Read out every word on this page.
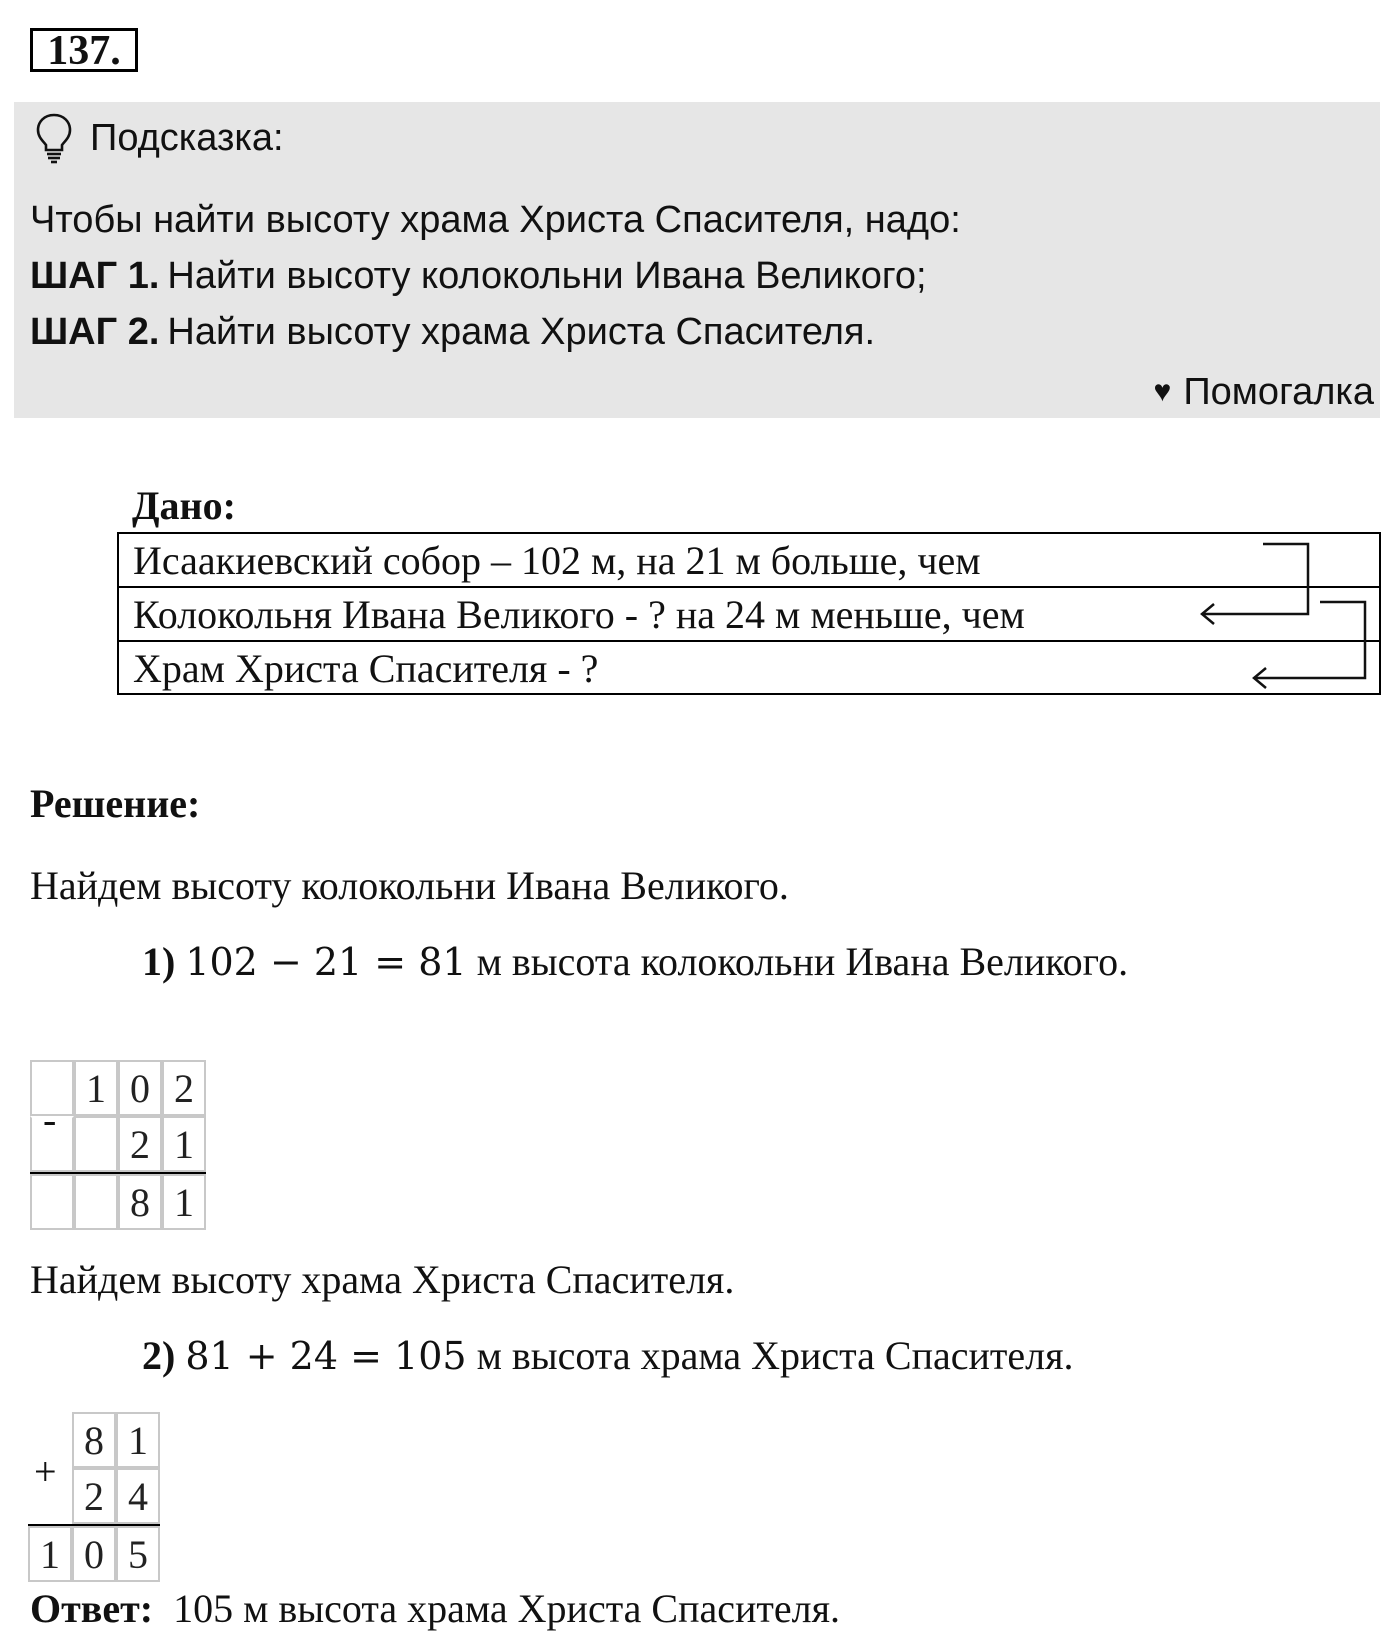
137.
Подсказка:
Чтобы найти высоту храма Христа Спасителя, надо:
ШАГ 1. Найти высоту колокольни Ивана Великого;
ШАГ 2. Найти высоту храма Христа Спасителя.
♥ Помогалка
Дано:
Исаакиевский собор – 102 м, на 21 м больше, чем
Колокольня Ивана Великого - ? на 24 м меньше, чем
Храм Христа Спасителя - ?
Решение:
Найдем высоту колокольни Ивана Великого.
1) 102 − 21 = 81 м высота колокольни Ивана Великого.
-
1 0 2
2 1
8 1
Найдем высоту храма Христа Спасителя.
2) 81 + 24 = 105 м высота храма Христа Спасителя.
+
8 1
2 4
1 0 5
Ответ:  105 м высота храма Христа Спасителя.
